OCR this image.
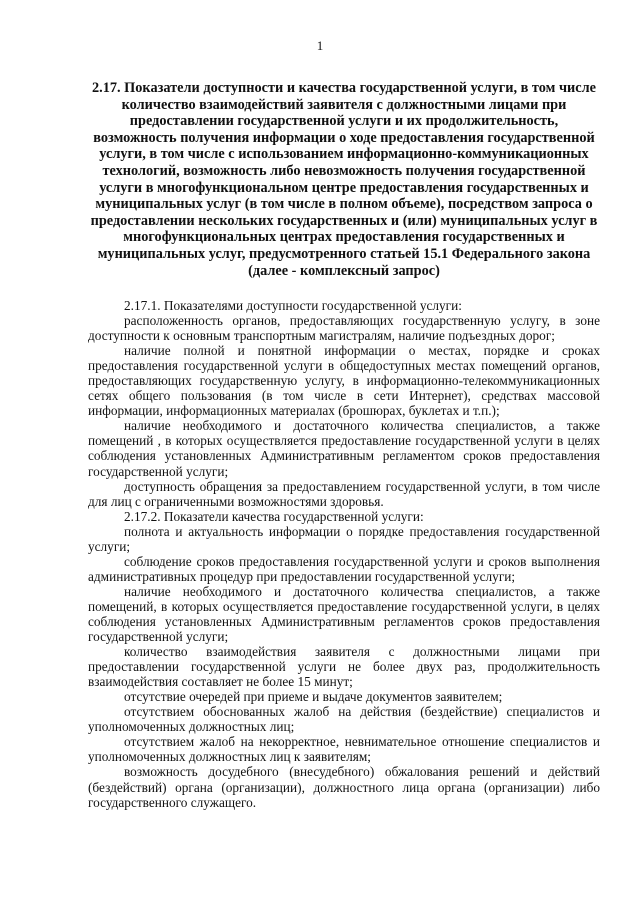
1
2.17. Показатели доступности и качества государственной услуги, в том числе количество взаимодействий заявителя с должностными лицами при предоставлении государственной услуги и их продолжительность, возможность получения информации о ходе предоставления государственной услуги, в том числе с использованием информационно-коммуникационных технологий, возможность либо невозможность получения государственной услуги в многофункциональном центре предоставления государственных и муниципальных услуг (в том числе в полном объеме), посредством запроса о предоставлении нескольких государственных и (или) муниципальных услуг в многофункциональных центрах предоставления государственных и муниципальных услуг, предусмотренного статьей 15.1 Федерального закона (далее - комплексный запрос)

2.17.1. Показателями доступности государственной услуги:

расположенность органов, предоставляющих государственную услугу, в зоне доступности к основным транспортным магистралям, наличие подъездных дорог;

наличие полной и понятной информации о местах, порядке и сроках предоставления государственной услуги в общедоступных местах помещений органов, предоставляющих государственную услугу, в информационно-телекоммуникационных сетях общего пользования (в том числе в сети Интернет), средствах массовой информации, информационных материалах (брошюрах, буклетах и т.п.);

наличие необходимого и достаточного количества специалистов, а также помещений , в которых осуществляется предоставление государственной услуги в целях соблюдения установленных Административным регламентом сроков предоставления государственной услуги;

доступность обращения за предоставлением государственной услуги, в том числе для лиц с ограниченными возможностями здоровья.

2.17.2. Показатели качества государственной услуги:

полнота и актуальность информации о порядке предоставления государственной услуги;

соблюдение сроков предоставления государственной услуги и сроков выполнения административных процедур при предоставлении государственной услуги;

наличие необходимого и достаточного количества специалистов, а также помещений, в которых осуществляется предоставление государственной услуги, в целях соблюдения установленных Административным регламентов сроков предоставления государственной услуги;

количество взаимодействия заявителя с должностными лицами при предоставлении государственной услуги не более двух раз, продолжительность взаимодействия составляет не более 15 минут;

отсутствие очередей при приеме и выдаче документов заявителем;

отсутствием обоснованных жалоб на действия (бездействие) специалистов и уполномоченных должностных лиц;

отсутствием жалоб на некорректное, невнимательное отношение специалистов и уполномоченных должностных лиц к заявителям;

возможность досудебного (внесудебного) обжалования решений и действий (бездействий) органа (организации), должностного лица органа (организации) либо государственного служащего.
